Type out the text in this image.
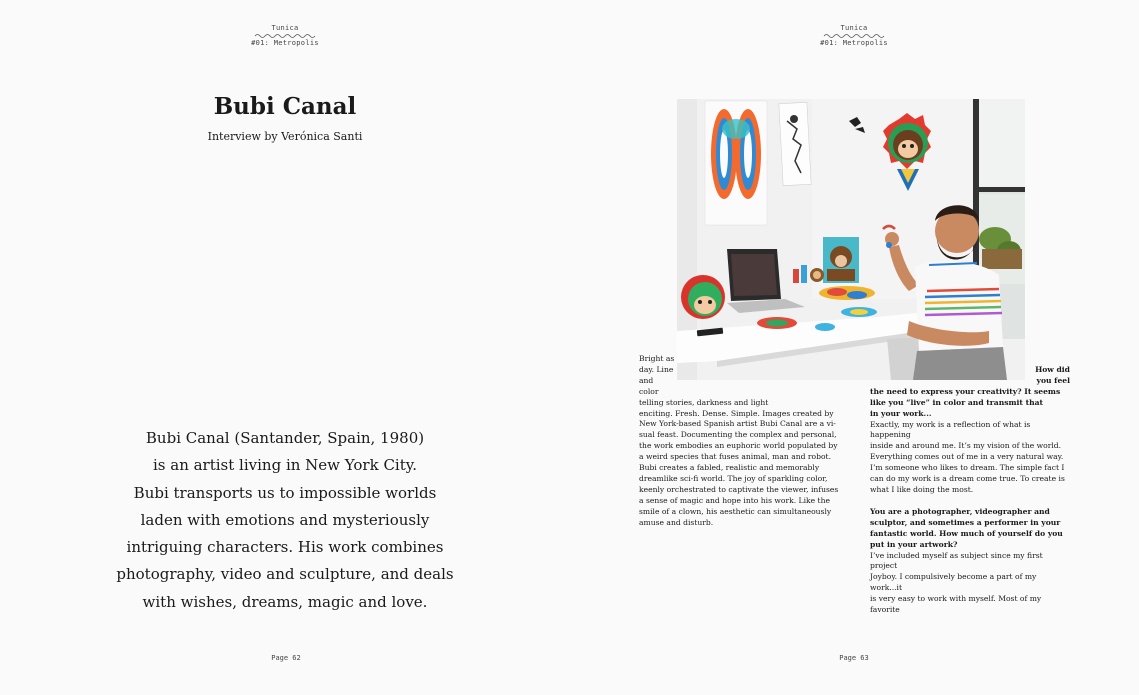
Tunica
#01: Metropolis
Tunica
#01: Metropolis
Bubi Canal
Interview by Verónica Santi

Bubi Canal (Santander, Spain, 1980)

is an artist living in New York City.

Bubi transports us to impossible worlds

laden with emotions and mysteriously

intriguing characters. His work combines

photography, video and sculpture, and deals

with wishes, dreams, magic and love.

Page 62
Bright as
day. Line
and color
telling stories, darkness and light
enciting. Fresh. Dense. Simple. Images created by
New York-based Spanish artist Bubi Canal are a vi-
sual feast. Documenting the complex and personal,
the work embodies an euphoric world populated by
a weird species that fuses animal, man and robot.
Bubi creates a fabled, realistic and memorably
dreamlike sci-fi world. The joy of sparkling color,
keenly orchestrated to captivate the viewer, infuses
a sense of magic and hope into his work. Like the
smile of a clown, his aesthetic can simultaneously
amuse and disturb.
How did
you feel
the need to express your creativity? It seems
like you “live” in color and transmit that
in your work...
Exactly, my work is a reflection of what is happening
inside and around me. It’s my vision of the world.
Everything comes out of me in a very natural way.
I’m someone who likes to dream. The simple fact I
can do my work is a dream come true. To create is
what I like doing the most.
You are a photographer, videographer and
sculptor, and sometimes a performer in your
fantastic world. How much of yourself do you
put in your artwork?
I’ve included myself as subject since my first project
Joyboy. I compulsively become a part of my work...it
is very easy to work with myself. Most of my favorite
Page 63
